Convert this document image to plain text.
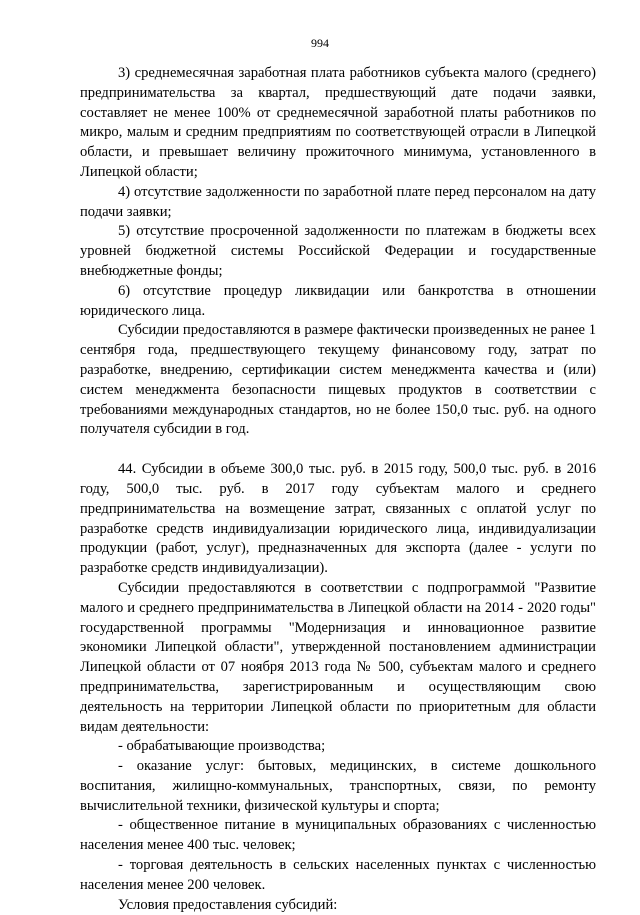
994

3) среднемесячная заработная плата работников субъекта малого (среднего) предпринимательства за квартал, предшествующий дате подачи заявки, составляет не менее 100% от среднемесячной заработной платы работников по микро, малым и средним предприятиям по соответствующей отрасли в Липецкой области, и превышает величину прожиточного минимума, установленного в Липецкой области;

4) отсутствие задолженности по заработной плате перед персоналом на дату подачи заявки;

5) отсутствие просроченной задолженности по платежам в бюджеты всех уровней бюджетной системы Российской Федерации и государственные внебюджетные фонды;

6) отсутствие процедур ликвидации или банкротства в отношении юридического лица.

Субсидии предоставляются в размере фактически произведенных не ранее 1 сентября года, предшествующего текущему финансовому году, затрат по разработке, внедрению, сертификации систем менеджмента качества и (или) систем менеджмента безопасности пищевых продуктов в соответствии с требованиями международных стандартов, но не более 150,0 тыс. руб. на одного получателя субсидии в год.

44. Субсидии в объеме 300,0 тыс. руб. в 2015 году, 500,0 тыс. руб. в 2016 году, 500,0 тыс. руб. в 2017 году субъектам малого и среднего предпринимательства на возмещение затрат, связанных с оплатой услуг по разработке средств индивидуализации юридического лица, индивидуализации продукции (работ, услуг), предназначенных для экспорта (далее - услуги по разработке средств индивидуализации).

Субсидии предоставляются в соответствии с подпрограммой "Развитие малого и среднего предпринимательства в Липецкой области на 2014 - 2020 годы" государственной программы "Модернизация и инновационное развитие экономики Липецкой области", утвержденной постановлением администрации Липецкой области от 07 ноября 2013 года № 500, субъектам малого и среднего предпринимательства, зарегистрированным и осуществляющим свою деятельность на территории Липецкой области по приоритетным для области видам деятельности:

- обрабатывающие производства;

- оказание услуг: бытовых, медицинских, в системе дошкольного воспитания, жилищно-коммунальных, транспортных, связи, по ремонту вычислительной техники, физической культуры и спорта;

- общественное питание в муниципальных образованиях с численностью населения менее 400 тыс. человек;

- торговая деятельность в сельских населенных пунктах с численностью населения менее 200 человек.

Условия предоставления субсидий:
